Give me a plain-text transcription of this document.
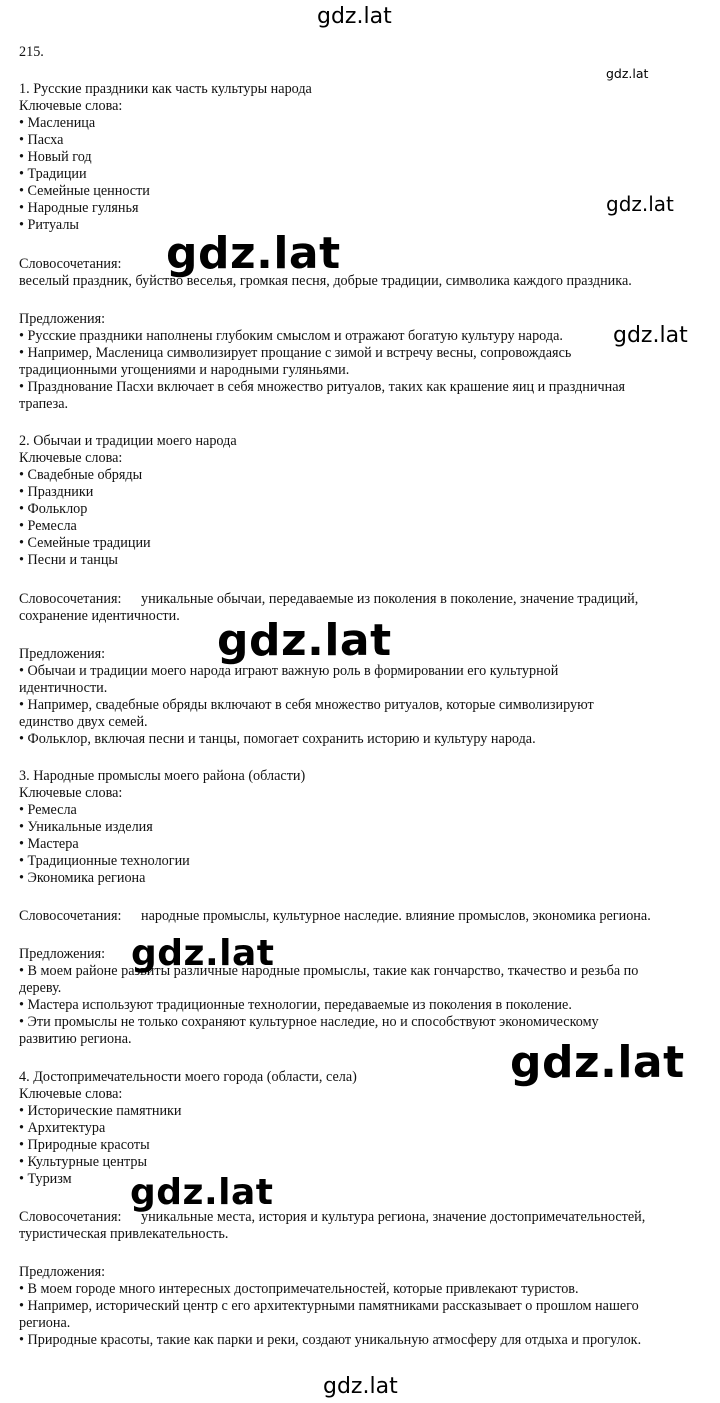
215.
1. Русские праздники как часть культуры народа
Ключевые слова:
• Масленица
• Пасха
• Новый год
• Традиции
• Семейные ценности
• Народные гулянья
• Ритуалы
Словосочетания:
веселый праздник, буйство веселья, громкая песня, добрые традиции, символика каждого праздника.
Предложения:
• Русские праздники наполнены глубоким смыслом и отражают богатую культуру народа.
• Например, Масленица символизирует прощание с зимой и встречу весны, сопровождаясь
традиционными угощениями и народными гуляньями.
• Празднование Пасхи включает в себя множество ритуалов, таких как крашение яиц и праздничная
трапеза.
2. Обычаи и традиции моего народа
Ключевые слова:
• Свадебные обряды
• Праздники
• Фольклор
• Ремесла
• Семейные традиции
• Песни и танцы
Словосочетания: уникальные обычаи, передаваемые из поколения в поколение, значение традиций,
сохранение идентичности.
Предложения:
• Обычаи и традиции моего народа играют важную роль в формировании его культурной
идентичности.
• Например, свадебные обряды включают в себя множество ритуалов, которые символизируют
единство двух семей.
• Фольклор, включая песни и танцы, помогает сохранить историю и культуру народа.
3. Народные промыслы моего района (области)
Ключевые слова:
• Ремесла
• Уникальные изделия
• Мастера
• Традиционные технологии
• Экономика региона
Словосочетания: народные промыслы, культурное наследие. влияние промыслов, экономика региона.
Предложения:
• В моем районе развиты различные народные промыслы, такие как гончарство, ткачество и резьба по
дереву.
• Мастера используют традиционные технологии, передаваемые из поколения в поколение.
• Эти промыслы не только сохраняют культурное наследие, но и способствуют экономическому
развитию региона.
4. Достопримечательности моего города (области, села)
Ключевые слова:
• Исторические памятники
• Архитектура
• Природные красоты
• Культурные центры
• Туризм
Словосочетания: уникальные места, история и культура региона, значение достопримечательностей,
туристическая привлекательность.
Предложения:
• В моем городе много интересных достопримечательностей, которые привлекают туристов.
• Например, исторический центр с его архитектурными памятниками рассказывает о прошлом нашего
региона.
• Природные красоты, такие как парки и реки, создают уникальную атмосферу для отдыха и прогулок.
gdz.lat
gdz.lat
gdz.lat
gdz.lat
gdz.lat
gdz.lat
gdz.lat
gdz.lat
gdz.lat
gdz.lat
